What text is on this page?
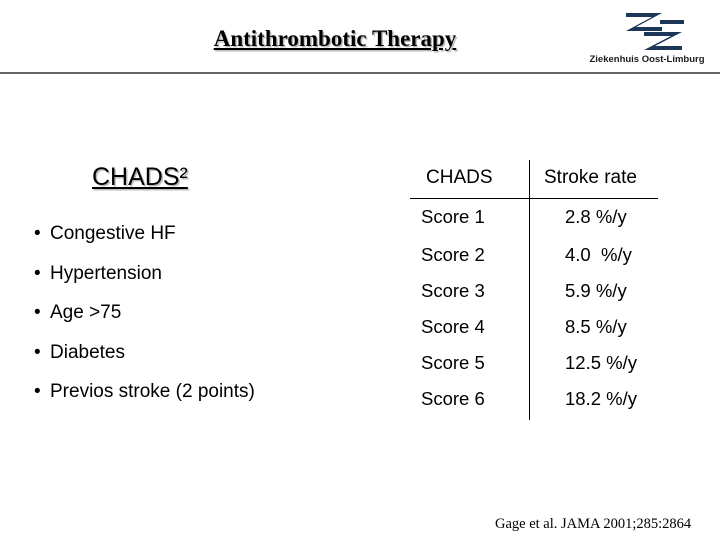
Antithrombotic Therapy
Ziekenhuis Oost-Limburg
CHADS²
• Congestive HF
• Hypertension
• Age >75
• Diabetes
• Previos stroke (2 points)
CHADS	Stroke rate
Score 1	2.8 %/y
Score 2	4.0  %/y
Score 3	5.9 %/y
Score 4	8.5 %/y
Score 5	12.5 %/y
Score 6	18.2 %/y
Gage et al. JAMA 2001;285:2864
